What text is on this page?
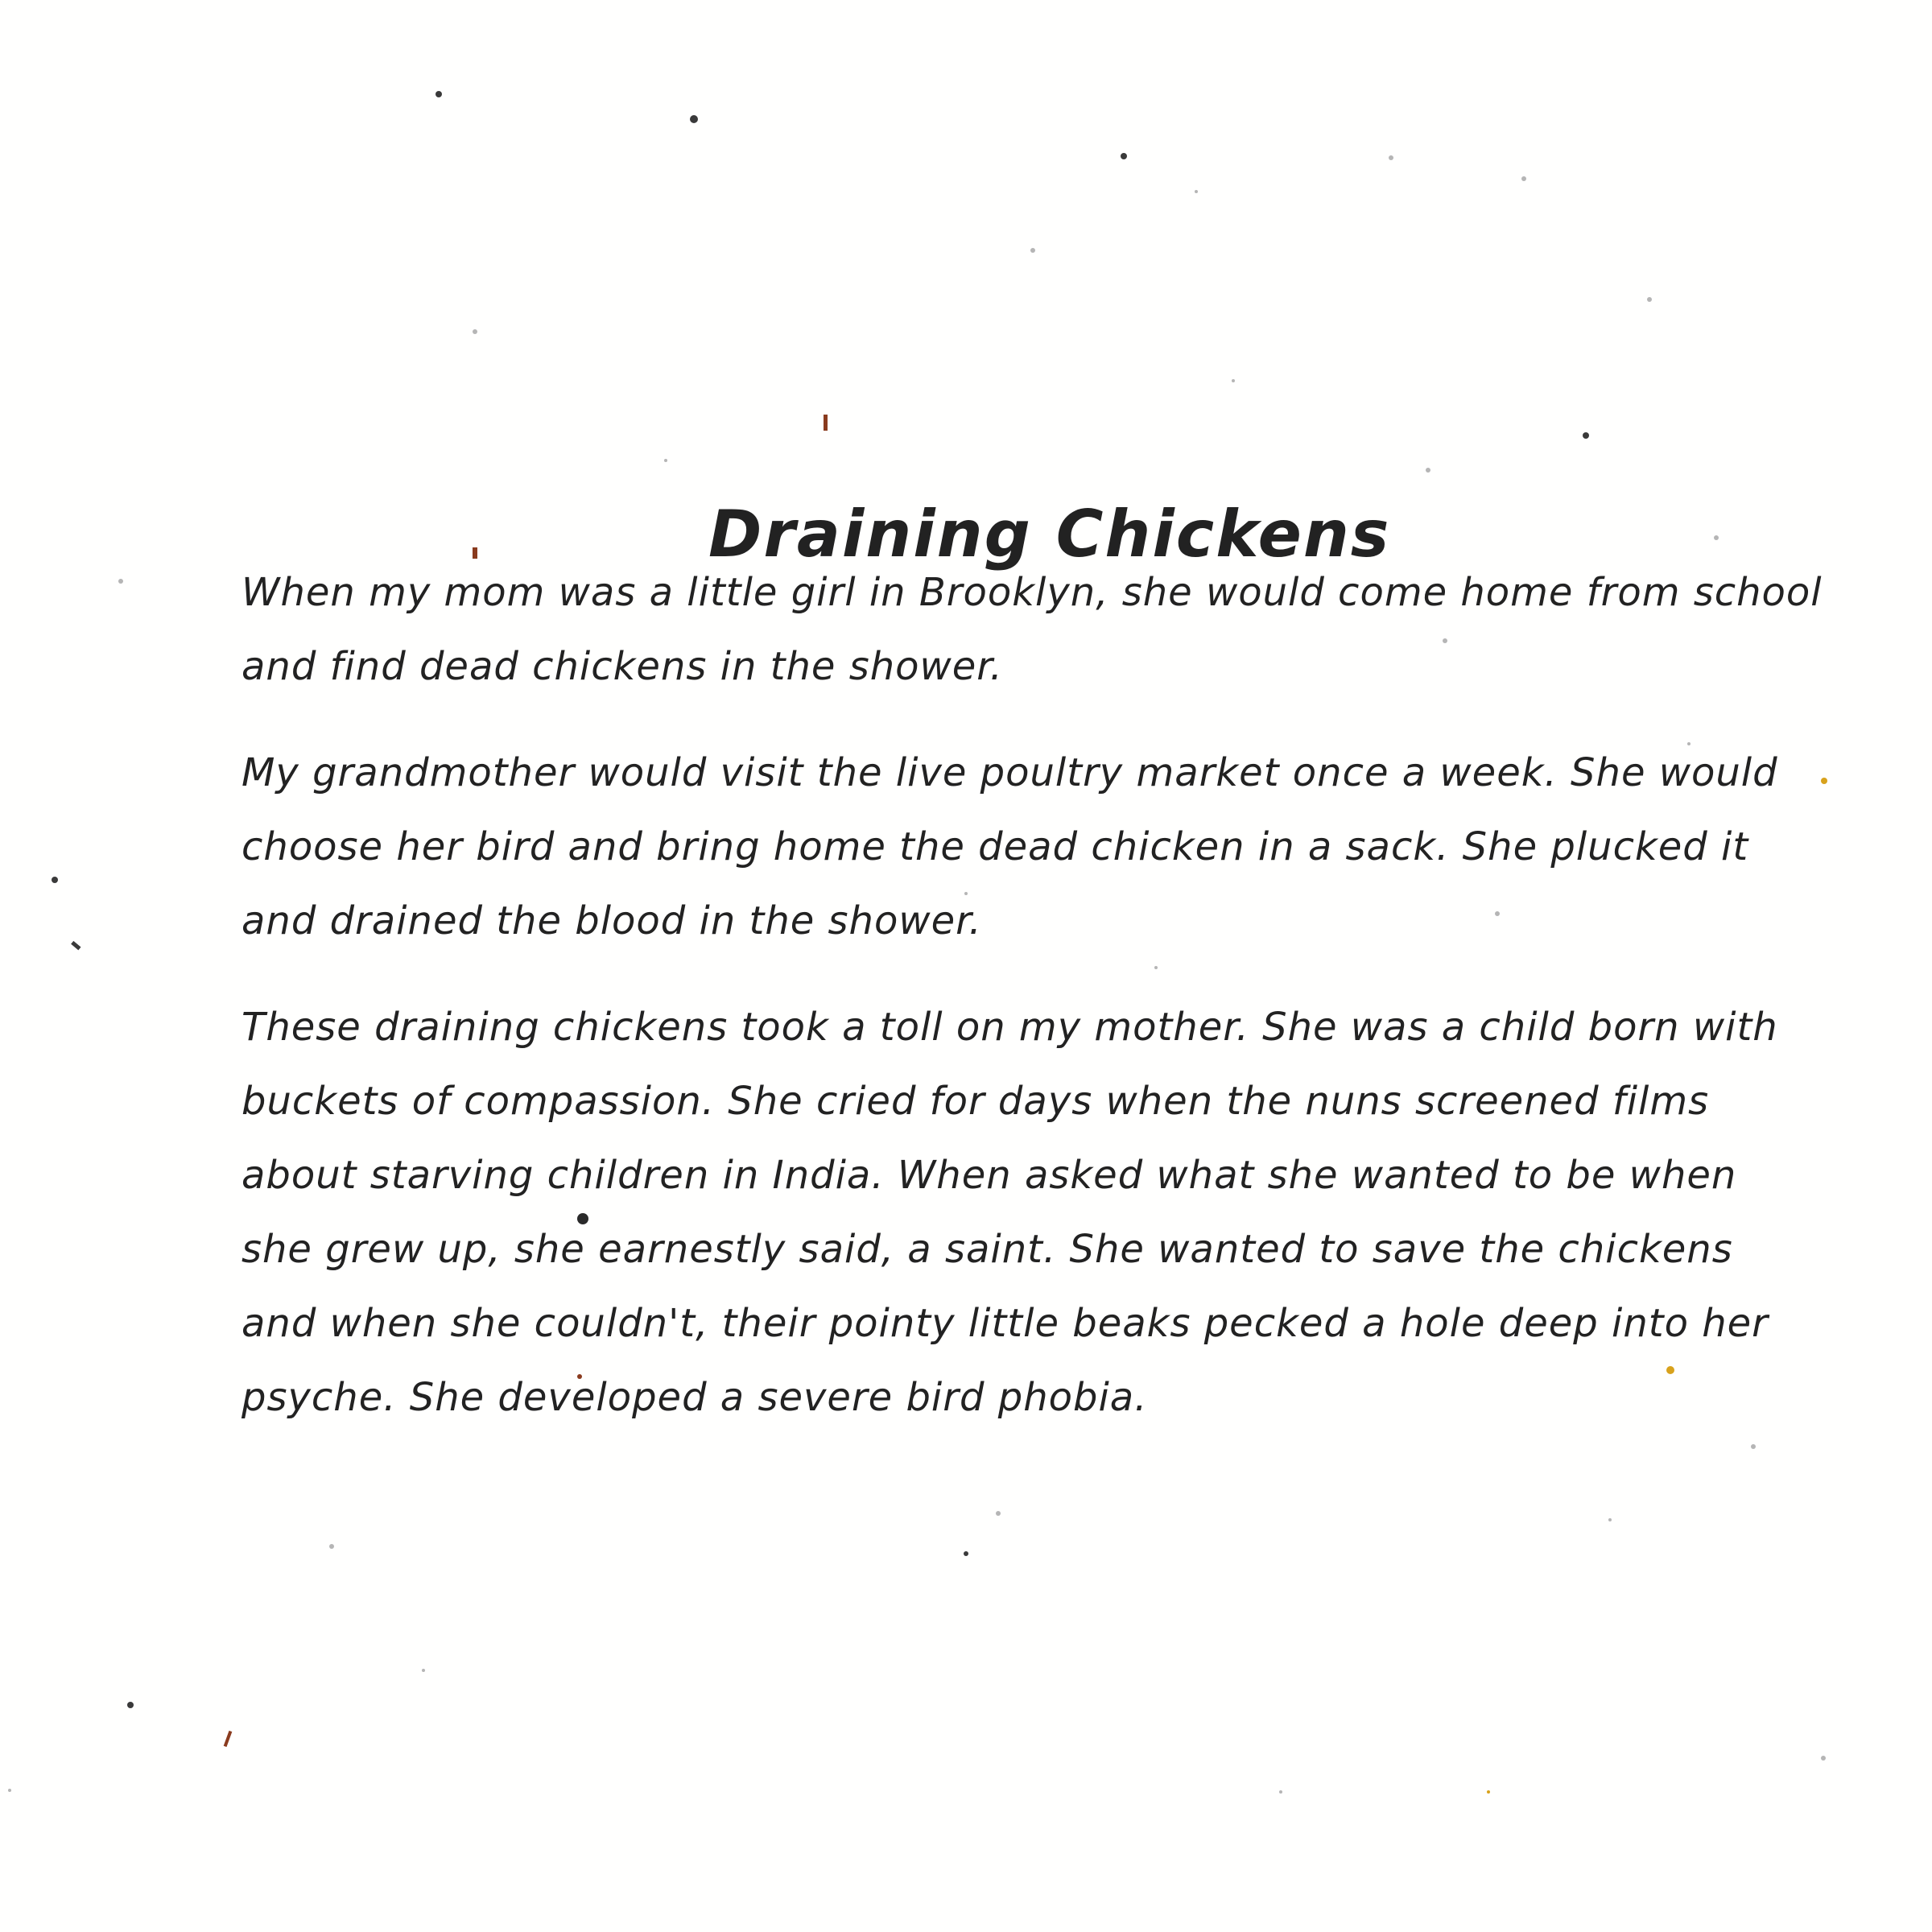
Draining Chickens

When my mom was a little girl in Brooklyn, she would come home from school
and find dead chickens in the shower.

My grandmother would visit the live poultry market once a week. She would
choose her bird and bring home the dead chicken in a sack. She plucked it
and drained the blood in the shower.

These draining chickens took a toll on my mother. She was a child born with
buckets of compassion. She cried for days when the nuns screened films
about starving children in India. When asked what she wanted to be when
she grew up, she earnestly said, a saint. She wanted to save the chickens
and when she couldn't, their pointy little beaks pecked a hole deep into her
psyche. She developed a severe bird phobia.
